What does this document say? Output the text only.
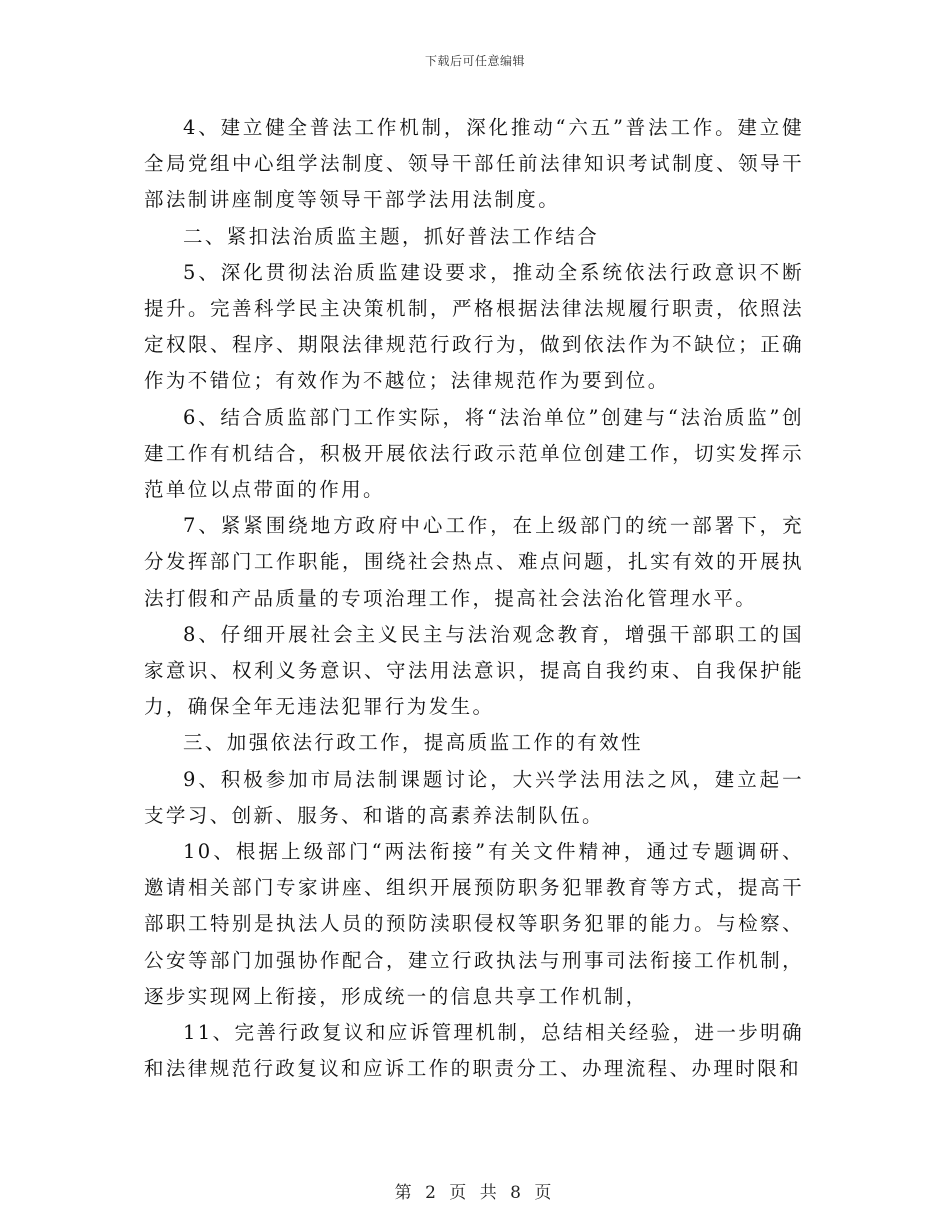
下载后可任意编辑

4、建立健全普法工作机制，深化推动“六五”普法工作。建立健全局党组中心组学法制度、领导干部任前法律知识考试制度、领导干部法制讲座制度等领导干部学法用法制度。

二、紧扣法治质监主题，抓好普法工作结合

5、深化贯彻法治质监建设要求，推动全系统依法行政意识不断提升。完善科学民主决策机制，严格根据法律法规履行职责，依照法定权限、程序、期限法律规范行政行为，做到依法作为不缺位；正确作为不错位；有效作为不越位；法律规范作为要到位。

6、结合质监部门工作实际，将“法治单位”创建与“法治质监”创建工作有机结合，积极开展依法行政示范单位创建工作，切实发挥示范单位以点带面的作用。

7、紧紧围绕地方政府中心工作，在上级部门的统一部署下，充分发挥部门工作职能，围绕社会热点、难点问题，扎实有效的开展执法打假和产品质量的专项治理工作，提高社会法治化管理水平。

8、仔细开展社会主义民主与法治观念教育，增强干部职工的国家意识、权利义务意识、守法用法意识，提高自我约束、自我保护能力，确保全年无违法犯罪行为发生。

三、加强依法行政工作，提高质监工作的有效性

9、积极参加市局法制课题讨论，大兴学法用法之风，建立起一支学习、创新、服务、和谐的高素养法制队伍。

10、根据上级部门“两法衔接”有关文件精神，通过专题调研、邀请相关部门专家讲座、组织开展预防职务犯罪教育等方式，提高干部职工特别是执法人员的预防渎职侵权等职务犯罪的能力。与检察、公安等部门加强协作配合，建立行政执法与刑事司法衔接工作机制，逐步实现网上衔接，形成统一的信息共享工作机制，

11、完善行政复议和应诉管理机制，总结相关经验，进一步明确和法律规范行政复议和应诉工作的职责分工、办理流程、办理时限和

第 2 页 共 8 页
